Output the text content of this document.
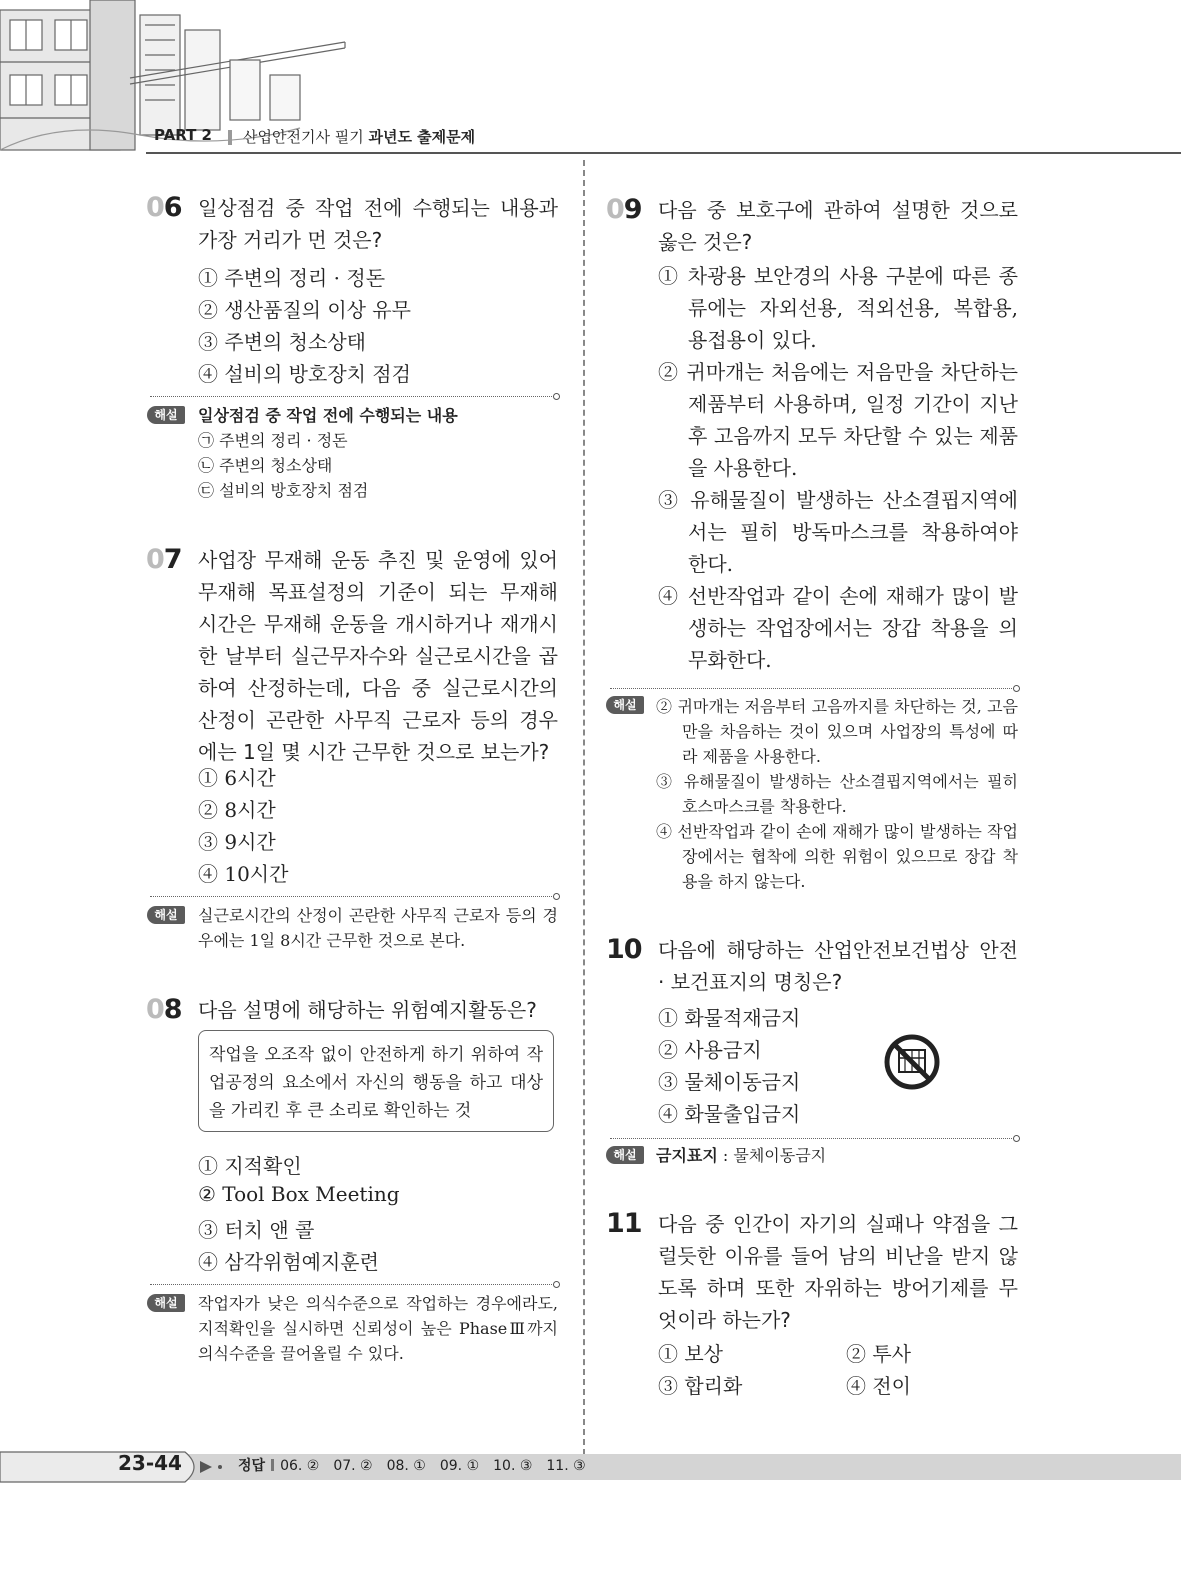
PART 2 산업안전기사 필기 과년도 출제문제
06 일상점검 중 작업 전에 수행되는 내용과 가장 거리가 먼 것은?
① 주변의 정리 · 정돈
② 생산품질의 이상 유무
③ 주변의 청소상태
④ 설비의 방호장치 점검
해설	일상점검 중 작업 전에 수행되는 내용
㉠ 주변의 정리 · 정돈
㉡ 주변의 청소상태
㉢ 설비의 방호장치 점검
07 사업장 무재해 운동 추진 및 운영에 있어 무재해 목표설정의 기준이 되는 무재해 시간은 무재해 운동을 개시하거나 재개시한 날부터 실근무자수와 실근로시간을 곱하여 산정하는데, 다음 중 실근로시간의 산정이 곤란한 사무직 근로자 등의 경우에는 1일 몇 시간 근무한 것으로 보는가?
① 6시간
② 8시간
③ 9시간
④ 10시간
해설	실근로시간의 산정이 곤란한 사무직 근로자 등의 경우에는 1일 8시간 근무한 것으로 본다.
08 다음 설명에 해당하는 위험예지활동은?
① 지적확인
② Tool Box Meeting
③ 터치 앤 콜
④ 삼각위험예지훈련
작업을 오조작 없이 안전하게 하기 위하여 작업공정의 요소에서 자신의 행동을 하고 대상을 가리킨 후 큰 소리로 확인하는 것
해설	작업자가 낮은 의식수준으로 작업하는 경우에라도, 지적확인을 실시하면 신뢰성이 높은 PhaseⅢ까지 의식수준을 끌어올릴 수 있다.
09 다음 중 보호구에 관하여 설명한 것으로 옳은 것은?
① 차광용 보안경의 사용 구분에 따른 종류에는 자외선용, 적외선용, 복합용, 용접용이 있다.
② 귀마개는 처음에는 저음만을 차단하는 제품부터 사용하며, 일정 기간이 지난 후 고음까지 모두 차단할 수 있는 제품을 사용한다.
③ 유해물질이 발생하는 산소결핍지역에서는 필히 방독마스크를 착용하여야 한다.
④ 선반작업과 같이 손에 재해가 많이 발생하는 작업장에서는 장갑 착용을 의무화한다.
해설	② 귀마개는 저음부터 고음까지를 차단하는 것, 고음만을 차음하는 것이 있으며 사업장의 특성에 따라 제품을 사용한다.
③ 유해물질이 발생하는 산소결핍지역에서는 필히 호스마스크를 착용한다.
④ 선반작업과 같이 손에 재해가 많이 발생하는 작업장에서는 협착에 의한 위험이 있으므로 장갑 착용을 하지 않는다.
10 다음에 해당하는 산업안전보건법상 안전 · 보건표지의 명칭은?
① 화물적재금지
② 사용금지
③ 물체이동금지
④ 화물출입금지
해설	금지표지 : 물체이동금지
11 다음 중 인간이 자기의 실패나 약점을 그럴듯한 이유를 들어 남의 비난을 받지 않도록 하며 또한 자위하는 방어기제를 무엇이라 하는가?
① 보상	② 투사
③ 합리화	④ 전이
23-44	정답 06. ② 07. ② 08. ① 09. ① 10. ③ 11. ③
